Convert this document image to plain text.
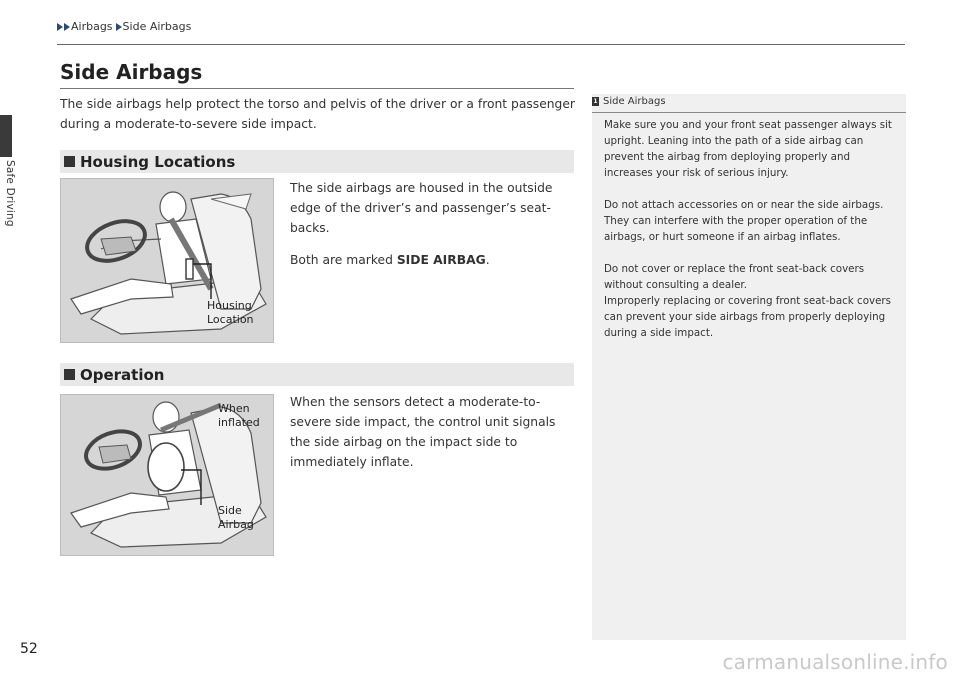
Safe Driving
Airbags Side Airbags
Side Airbags
The side airbags help protect the torso and pelvis of the driver or a front passenger during a moderate-to-severe side impact.
Housing Locations
Housing
Location

The side airbags are housed in the outside edge of the driver’s and passenger’s seat-backs.

Both are marked SIDE AIRBAG.

Operation
When
inflated
Side
Airbag

When the sensors detect a moderate-to-severe side impact, the control unit signals the side airbag on the impact side to immediately inflate.

1 Side Airbags

Make sure you and your front seat passenger always sit upright. Leaning into the path of a side airbag can prevent the airbag from deploying properly and increases your risk of serious injury.

Do not attach accessories on or near the side airbags. They can interfere with the proper operation of the airbags, or hurt someone if an airbag inflates.

Do not cover or replace the front seat-back covers without consulting a dealer.
Improperly replacing or covering front seat-back covers can prevent your side airbags from properly deploying during a side impact.

52
carmanualsonline.info
